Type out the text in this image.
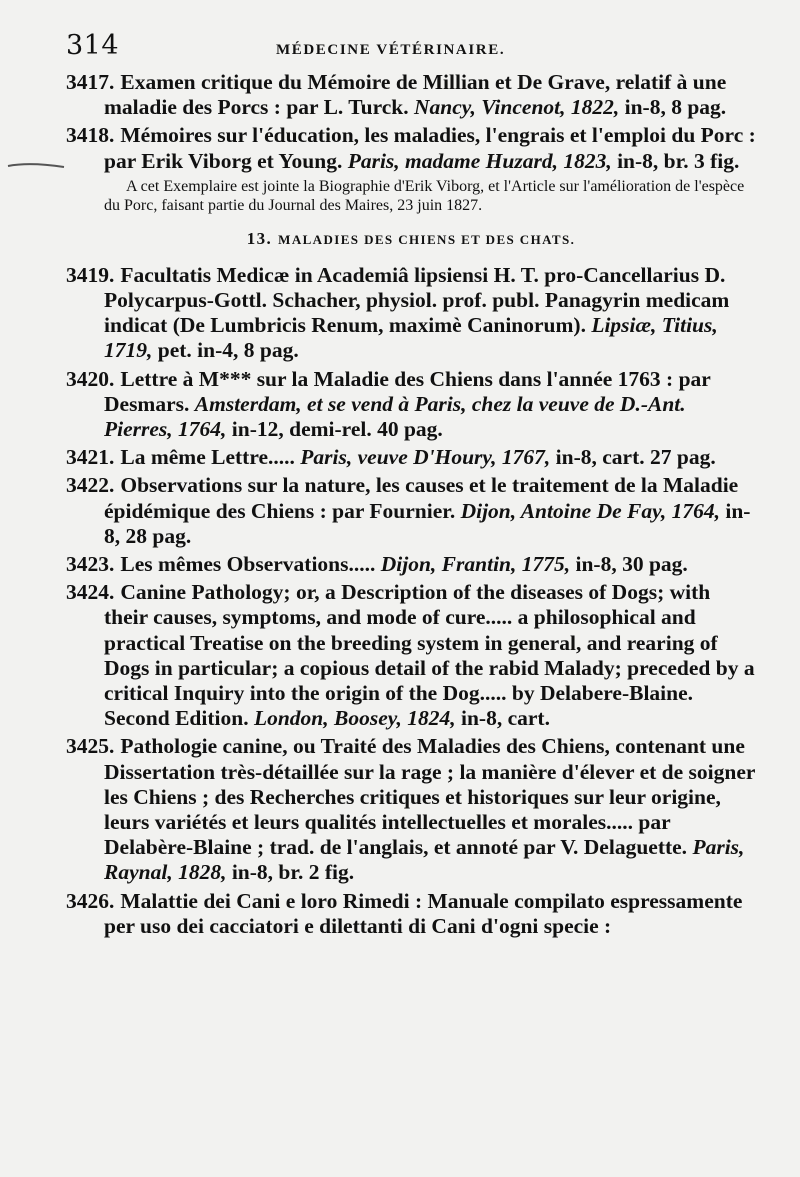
314	MÉDECINE VÉTÉRINAIRE.

3417. Examen critique du Mémoire de Millian et De Grave, relatif à une maladie des Porcs : par L. Turck. Nancy, Vincenot, 1822, in-8, 8 pag.

3418. Mémoires sur l'éducation, les maladies, l'engrais et l'emploi du Porc : par Erik Viborg et Young. Paris, madame Huzard, 1823, in-8, br. 3 fig.

A cet Exemplaire est jointe la Biographie d'Erik Viborg, et l'Article sur l'amélioration de l'espèce du Porc, faisant partie du Journal des Maires, 23 juin 1827.

13. MALADIES DES CHIENS ET DES CHATS.

3419. Facultatis Medicæ in Academiâ lipsiensi H. T. pro-Cancellarius D. Polycarpus-Gottl. Schacher, physiol. prof. publ. Panagyrin medicam indicat (De Lumbricis Renum, maximè Caninorum). Lipsiæ, Titius, 1719, pet. in-4, 8 pag.

3420. Lettre à M*** sur la Maladie des Chiens dans l'année 1763 : par Desmars. Amsterdam, et se vend à Paris, chez la veuve de D.-Ant. Pierres, 1764, in-12, demi-rel. 40 pag.

3421. La même Lettre..... Paris, veuve D'Houry, 1767, in-8, cart. 27 pag.

3422. Observations sur la nature, les causes et le traitement de la Maladie épidémique des Chiens : par Fournier. Dijon, Antoine De Fay, 1764, in-8, 28 pag.

3423. Les mêmes Observations..... Dijon, Frantin, 1775, in-8, 30 pag.

3424. Canine Pathology; or, a Description of the diseases of Dogs; with their causes, symptoms, and mode of cure..... a philosophical and practical Treatise on the breeding system in general, and rearing of Dogs in particular; a copious detail of the rabid Malady; preceded by a critical Inquiry into the origin of the Dog..... by Delabere-Blaine. Second Edition. London, Boosey, 1824, in-8, cart.

3425. Pathologie canine, ou Traité des Maladies des Chiens, contenant une Dissertation très-détaillée sur la rage ; la manière d'élever et de soigner les Chiens ; des Recherches critiques et historiques sur leur origine, leurs variétés et leurs qualités intellectuelles et morales..... par Delabère-Blaine ; trad. de l'anglais, et annoté par V. Delaguette. Paris, Raynal, 1828, in-8, br. 2 fig.

3426. Malattie dei Cani e loro Rimedi : Manuale compilato espressamente per uso dei cacciatori e dilettanti di Cani d'ogni specie :
